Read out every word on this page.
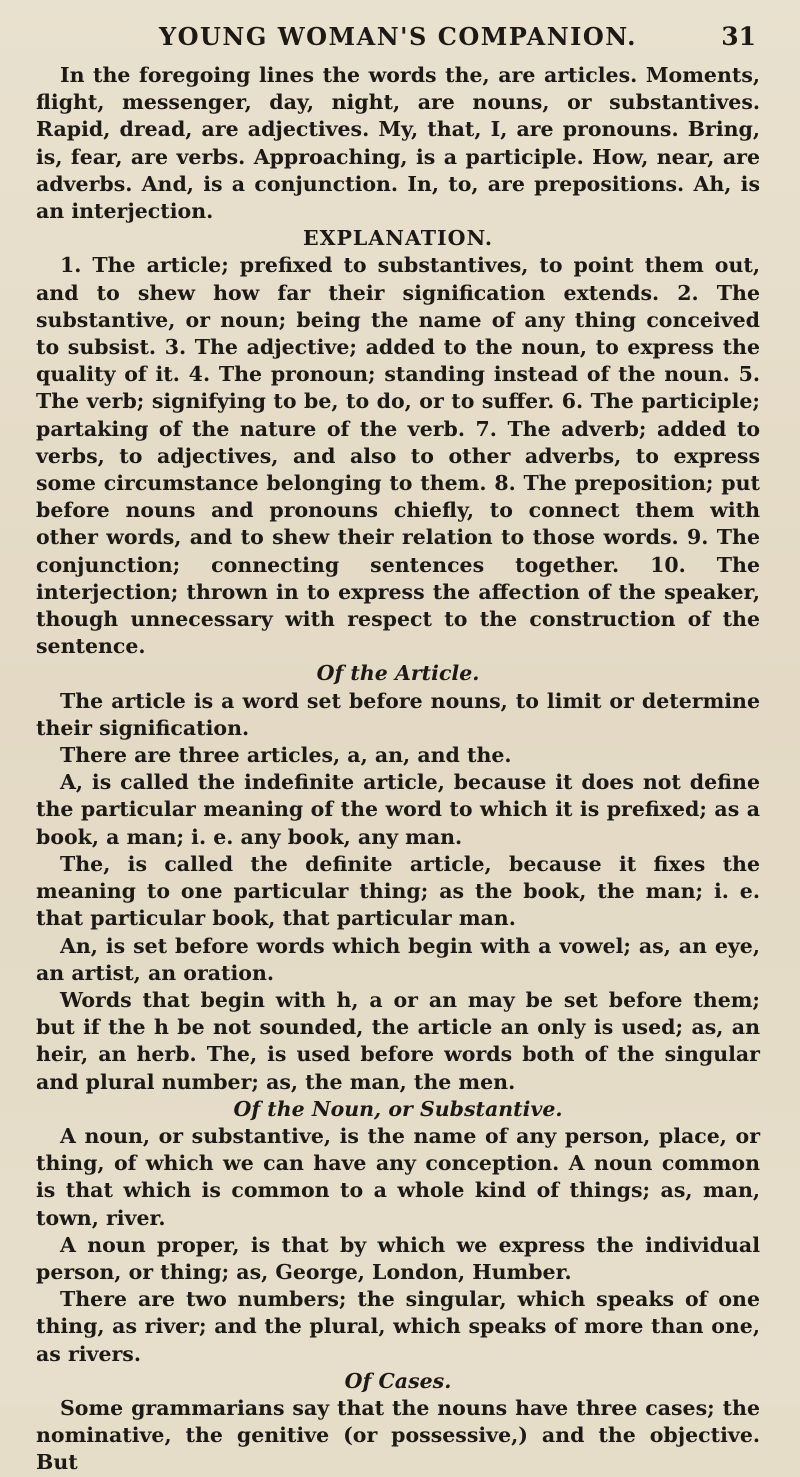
YOUNG WOMAN'S COMPANION.	31

In the foregoing lines the words the, are articles. Moments, flight, messenger, day, night, are nouns, or substantives. Rapid, dread, are adjectives. My, that, I, are pronouns. Bring, is, fear, are verbs. Approaching, is a participle. How, near, are adverbs. And, is a conjunction. In, to, are prepositions. Ah, is an interjection.

EXPLANATION.

1. The article; prefixed to substantives, to point them out, and to shew how far their signification extends. 2. The substantive, or noun; being the name of any thing conceived to subsist. 3. The adjective; added to the noun, to express the quality of it. 4. The pronoun; standing instead of the noun. 5. The verb; signifying to be, to do, or to suffer. 6. The participle; partaking of the nature of the verb. 7. The adverb; added to verbs, to adjectives, and also to other adverbs, to express some circumstance belonging to them. 8. The preposition; put before nouns and pronouns chiefly, to connect them with other words, and to shew their relation to those words. 9. The conjunction; connecting sentences together. 10. The interjection; thrown in to express the affection of the speaker, though unnecessary with respect to the construction of the sentence.

Of the Article.

The article is a word set before nouns, to limit or determine their signification.

There are three articles, a, an, and the.

A, is called the indefinite article, because it does not define the particular meaning of the word to which it is prefixed; as a book, a man; i. e. any book, any man.

The, is called the definite article, because it fixes the meaning to one particular thing; as the book, the man; i. e. that particular book, that particular man.

An, is set before words which begin with a vowel; as, an eye, an artist, an oration.

Words that begin with h, a or an may be set before them; but if the h be not sounded, the article an only is used; as, an heir, an herb. The, is used before words both of the singular and plural number; as, the man, the men.

Of the Noun, or Substantive.

A noun, or substantive, is the name of any person, place, or thing, of which we can have any conception. A noun common is that which is common to a whole kind of things; as, man, town, river.

A noun proper, is that by which we express the individual person, or thing; as, George, London, Humber.

There are two numbers; the singular, which speaks of one thing, as river; and the plural, which speaks of more than one, as rivers.

Of Cases.

Some grammarians say that the nouns have three cases; the nominative, the genitive (or possessive,) and the objective. But
